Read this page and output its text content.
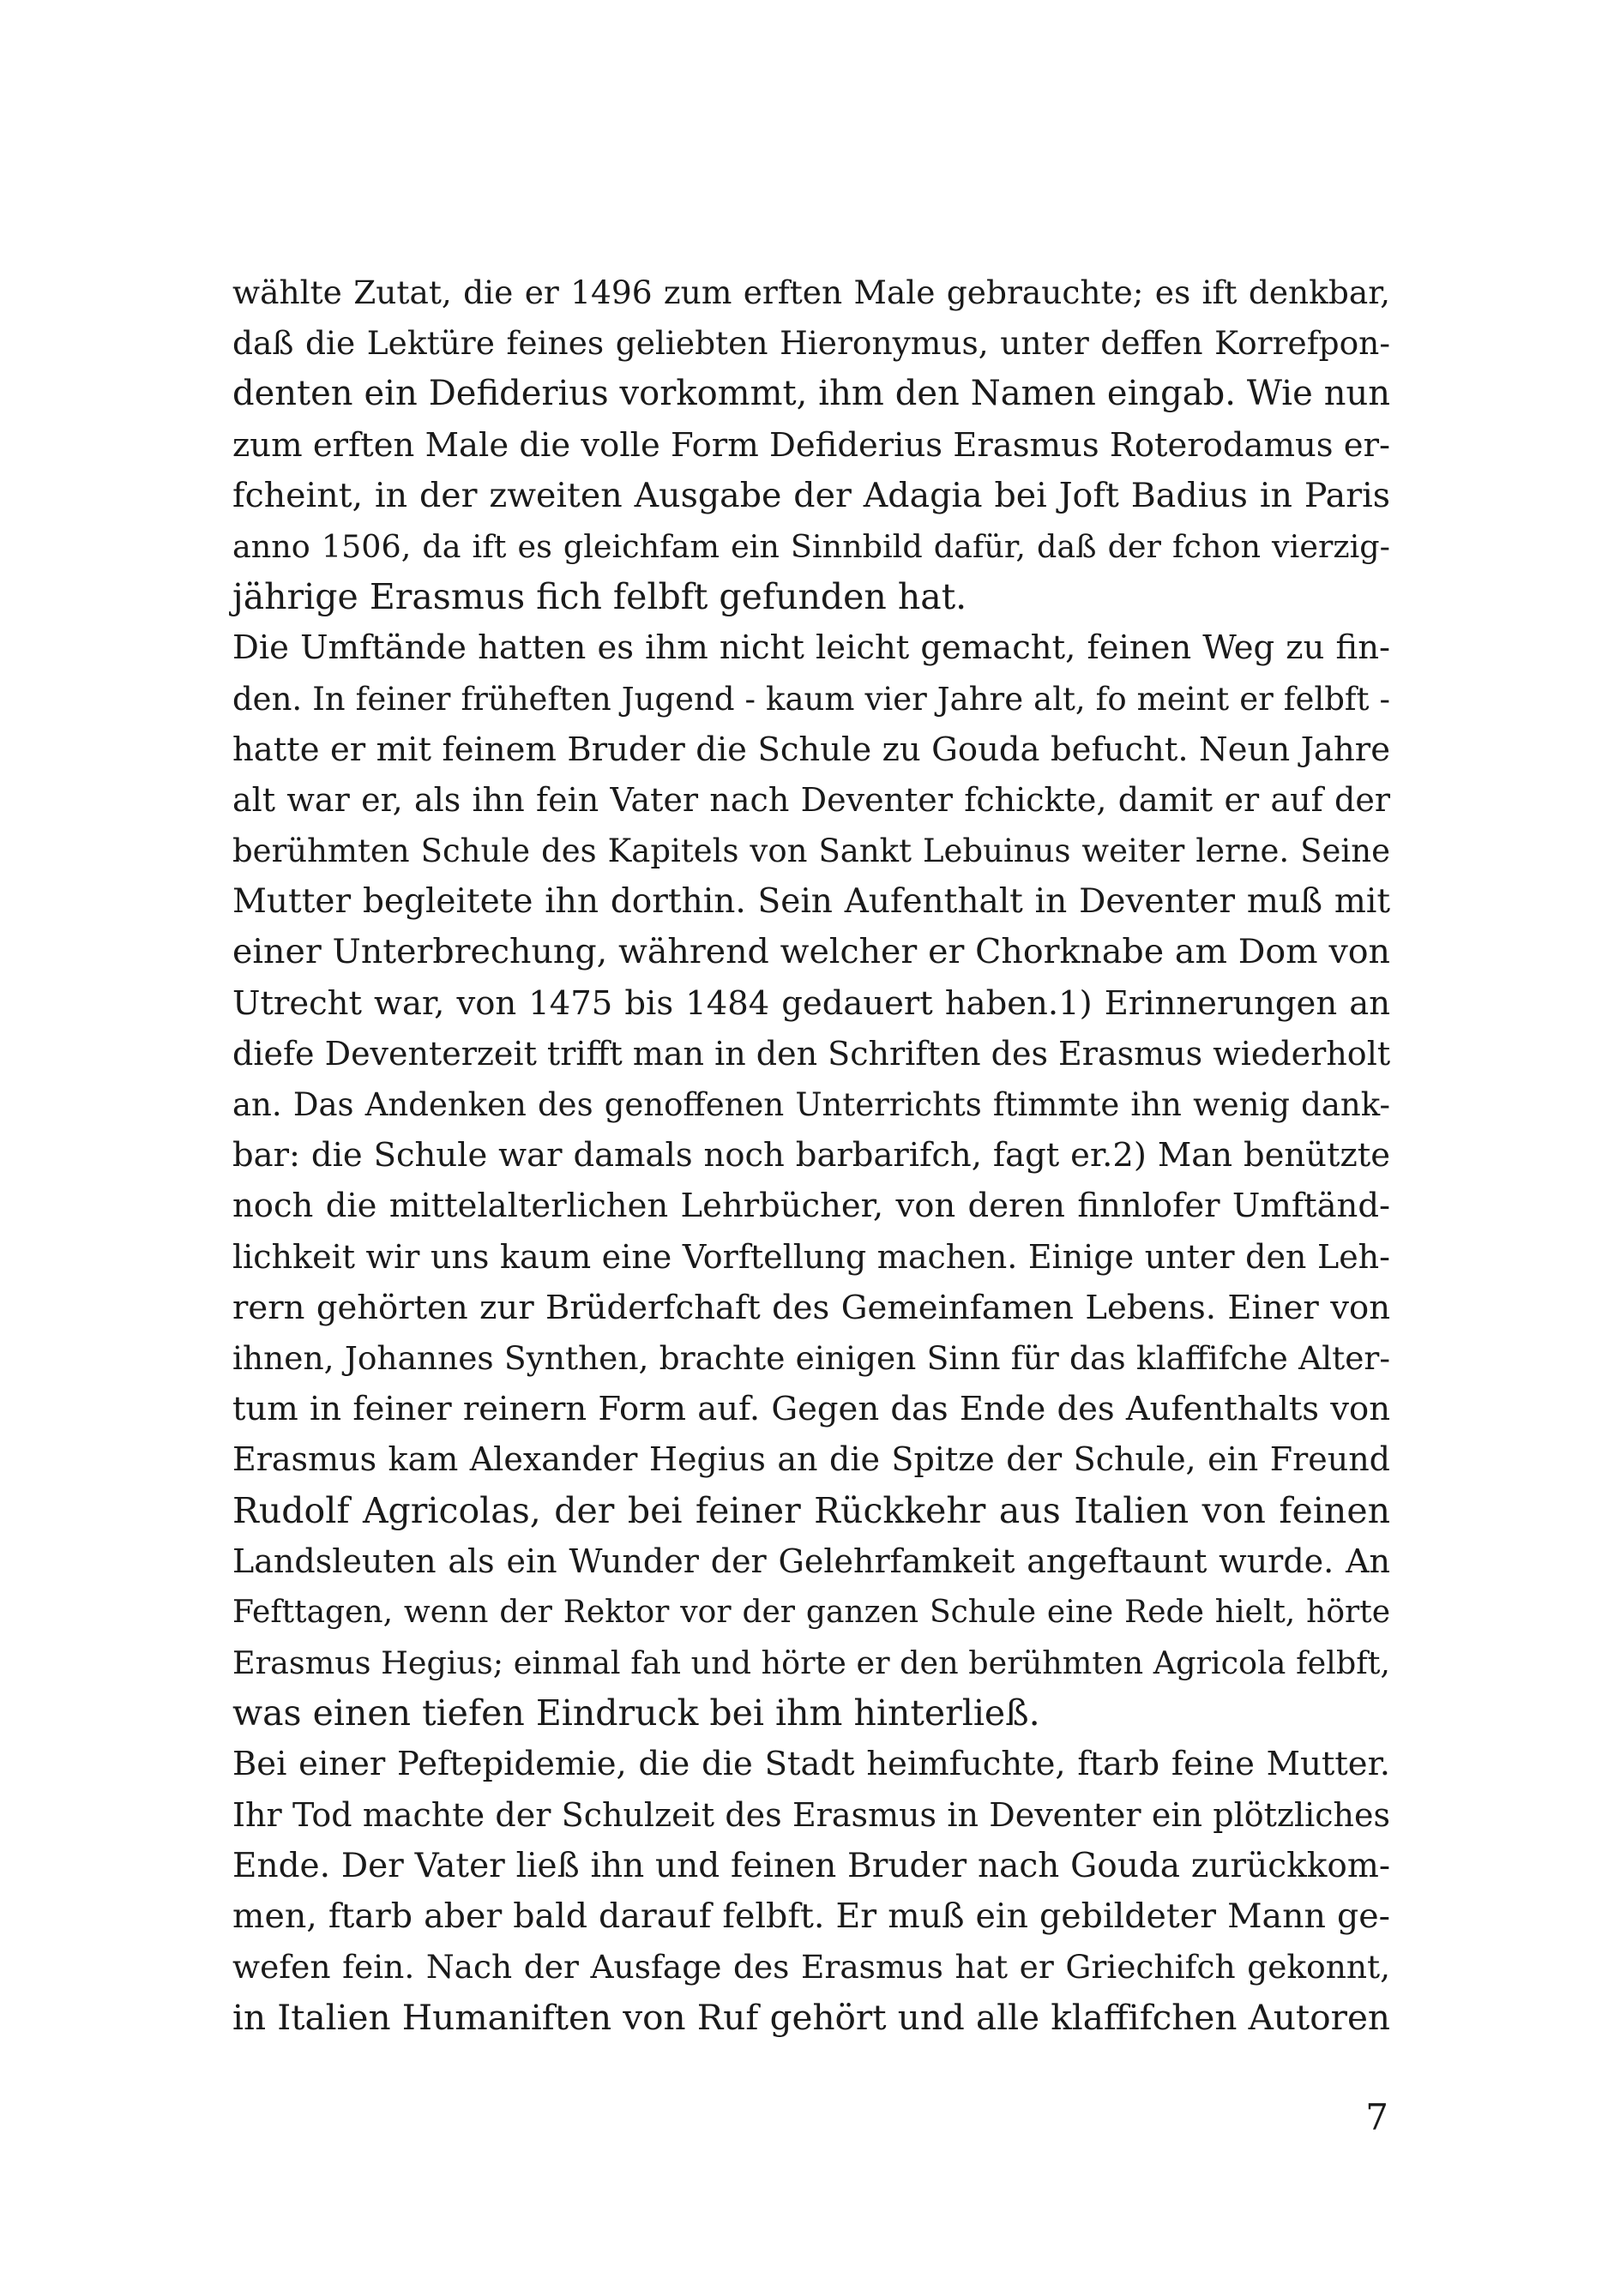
wählte Zutat, die er 1496 zum erften Male gebrauchte; es ift denkbar,
daß die Lektüre feines geliebten Hieronymus, unter deffen Korrefpon-
denten ein Defiderius vorkommt, ihm den Namen eingab. Wie nun
zum erften Male die volle Form Defiderius Erasmus Roterodamus er-
fcheint, in der zweiten Ausgabe der Adagia bei Joft Badius in Paris
anno 1506, da ift es gleichfam ein Sinnbild dafür, daß der fchon vierzig-
jährige Erasmus fich felbft gefunden hat.
Die Umftände hatten es ihm nicht leicht gemacht, feinen Weg zu fin-
den. In feiner früheften Jugend - kaum vier Jahre alt, fo meint er felbft -
hatte er mit feinem Bruder die Schule zu Gouda befucht. Neun Jahre
alt war er, als ihn fein Vater nach Deventer fchickte, damit er auf der
berühmten Schule des Kapitels von Sankt Lebuinus weiter lerne. Seine
Mutter begleitete ihn dorthin. Sein Aufenthalt in Deventer muß mit
einer Unterbrechung, während welcher er Chorknabe am Dom von
Utrecht war, von 1475 bis 1484 gedauert haben.1) Erinnerungen an
diefe Deventerzeit trifft man in den Schriften des Erasmus wiederholt
an. Das Andenken des genoffenen Unterrichts ftimmte ihn wenig dank-
bar: die Schule war damals noch barbarifch, fagt er.2) Man benützte
noch die mittelalterlichen Lehrbücher, von deren finnlofer Umftänd-
lichkeit wir uns kaum eine Vorftellung machen. Einige unter den Leh-
rern gehörten zur Brüderfchaft des Gemeinfamen Lebens. Einer von
ihnen, Johannes Synthen, brachte einigen Sinn für das klaffifche Alter-
tum in feiner reinern Form auf. Gegen das Ende des Aufenthalts von
Erasmus kam Alexander Hegius an die Spitze der Schule, ein Freund
Rudolf Agricolas, der bei feiner Rückkehr aus Italien von feinen
Landsleuten als ein Wunder der Gelehrfamkeit angeftaunt wurde. An
Fefttagen, wenn der Rektor vor der ganzen Schule eine Rede hielt, hörte
Erasmus Hegius; einmal fah und hörte er den berühmten Agricola felbft,
was einen tiefen Eindruck bei ihm hinterließ.
Bei einer Peftepidemie, die die Stadt heimfuchte, ftarb feine Mutter.
Ihr Tod machte der Schulzeit des Erasmus in Deventer ein plötzliches
Ende. Der Vater ließ ihn und feinen Bruder nach Gouda zurückkom-
men, ftarb aber bald darauf felbft. Er muß ein gebildeter Mann ge-
wefen fein. Nach der Ausfage des Erasmus hat er Griechifch gekonnt,
in Italien Humaniften von Ruf gehört und alle klaffifchen Autoren
7
